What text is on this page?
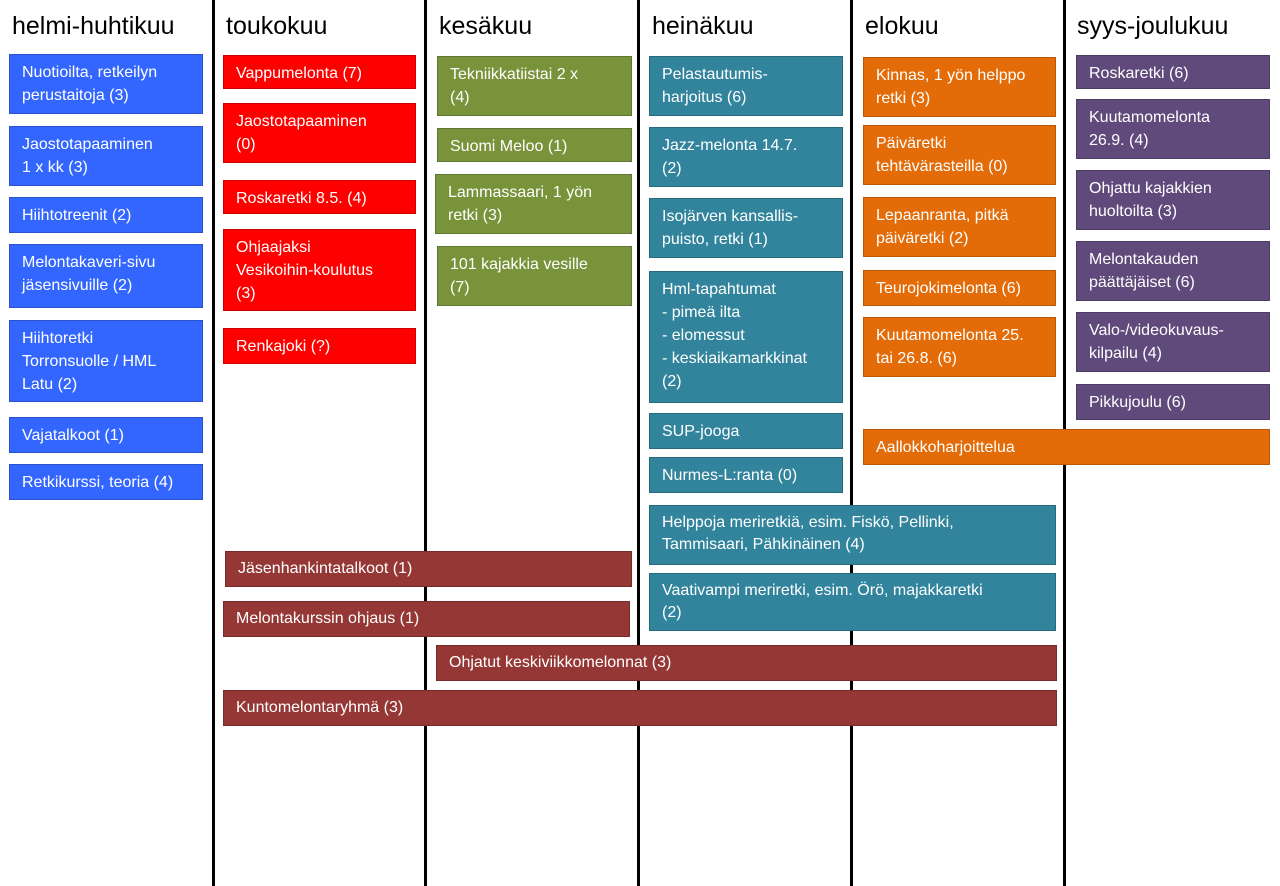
helmi-huhtikuu toukokuu	kesäkuu	heinäkuu	elokuu	syys-joulukuu
Nuotioilta, retkeilyn perustaitoja (3)
Jaostotapaaminen
1 x kk (3)
Hiihtotreenit (2)
Melontakaveri-sivu jäsensivuille (2)
Hiihtoretki
Torronsuolle / HML
Latu (2)
Vajatalkoot (1)
Retkikurssi, teoria (4)
Vappumelonta (7)
Jaostotapaaminen
(0)
Roskaretki 8.5. (4)
Ohjaajaksi
Vesikoihin-koulutus
(3)
Renkajoki (?)
Tekniikkatiistai 2 x
(4)
Suomi Meloo (1)
Lammassaari, 1 yön
retki (3)
101 kajakkia vesille
(7)
Pelastautumis-
harjoitus (6)
Jazz-melonta 14.7.
(2)
Isojärven kansallis-
puisto, retki (1)
Hml-tapahtumat
- pimeä ilta
- elomessut
- keskiaikamarkkinat
(2)
SUP-jooga
Nurmes-L:ranta (0)
Helppoja meriretkiä, esim. Fiskö, Pellinki,
Tammisaari, Pähkinäinen (4)
Vaativampi meriretki, esim. Örö, majakkaretki
(2)
Kinnas, 1 yön helppo
retki (3)
Päiväretki
tehtävärasteilla (0)
Lepaanranta, pitkä
päiväretki (2)
Teurojokimelonta (6)
Kuutamomelonta 25.
tai 26.8. (6)
Aallokkoharjoittelua
Roskaretki (6)
Kuutamomelonta
26.9. (4)
Ohjattu kajakkien
huoltoilta (3)
Melontakauden
päättäjäiset (6)
Valo-/videokuvaus-
kilpailu (4)
Pikkujoulu (6)
Jäsenhankintatalkoot (1)
Melontakurssin ohjaus (1)
Ohjatut keskiviikkomelonnat (3)
Kuntomelontaryhmä (3)
